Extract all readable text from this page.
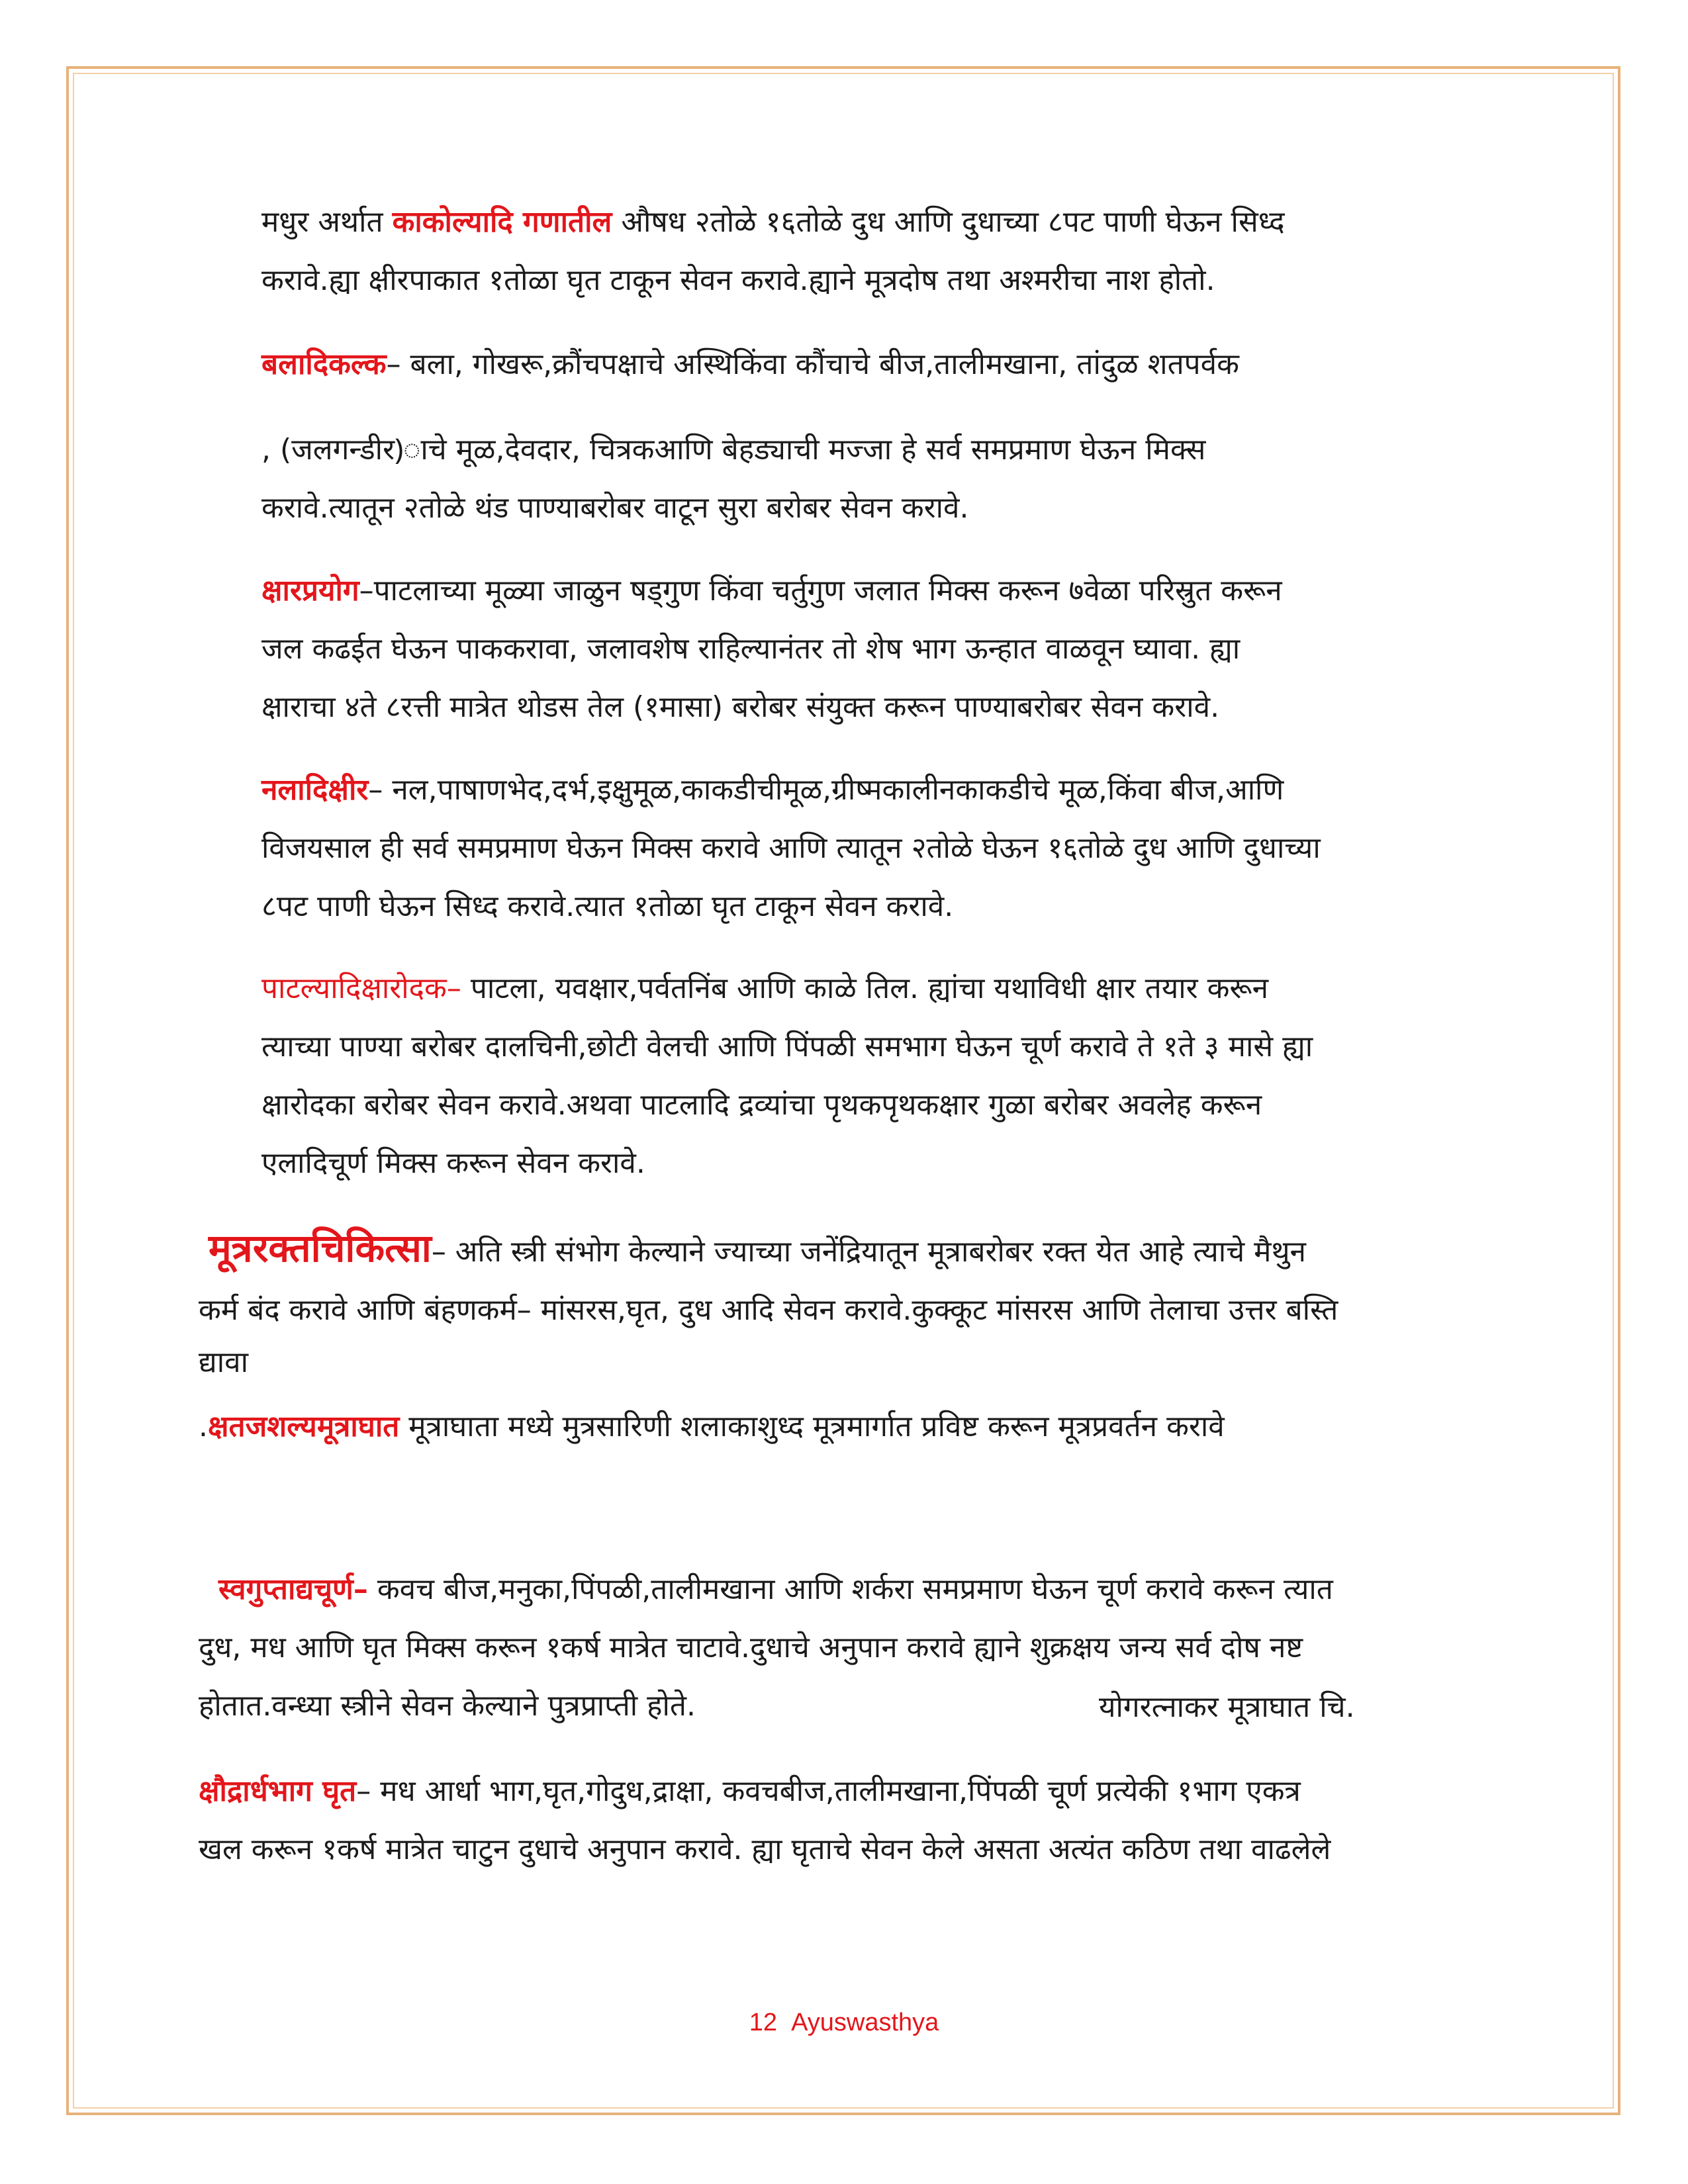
मधुर अर्थात काकोल्यादि गणातील औषध २तोळे १६तोळे दुध आणि दुधाच्या ८पट पाणी घेऊन सिध्द
करावे.ह्या क्षीरपाकात १तोळा घृत टाकून सेवन करावे.ह्याने मूत्रदोष तथा अश्मरीचा नाश होतो.
बलादिकल्क– बला, गोखरू,क्रौंचपक्षाचे अस्थिकिंवा कौंचाचे बीज,तालीमखाना, तांदुळ शतपर्वक
, (जलगन्डीर)ाचे मूळ,देवदार, चित्रकआणि बेहड्याची मज्जा हे सर्व समप्रमाण घेऊन मिक्स
करावे.त्यातून २तोळे थंड पाण्याबरोबर वाटून सुरा बरोबर सेवन करावे.
क्षारप्रयोग–पाटलाच्या मूळ्या जाळुन षड्गुण किंवा चर्तुगुण जलात मिक्स करून ७वेळा परिस्रुत करून
जल कढईत घेऊन पाककरावा, जलावशेष राहिल्यानंतर तो शेष भाग ऊन्हात वाळवून घ्यावा. ह्या
क्षाराचा ४ते ८रत्ती मात्रेत थोडस तेल (१मासा) बरोबर संयुक्त करून पाण्याबरोबर सेवन करावे.
नलादिक्षीर– नल,पाषाणभेद,दर्भ,इक्षुमूळ,काकडीचीमूळ,ग्रीष्मकालीनकाकडीचे मूळ,किंवा बीज,आणि
विजयसाल ही सर्व समप्रमाण घेऊन मिक्स करावे आणि त्यातून २तोळे घेऊन १६तोळे दुध आणि दुधाच्या
८पट पाणी घेऊन सिध्द करावे.त्यात १तोळा घृत टाकून सेवन करावे.
पाटल्यादिक्षारोदक– पाटला, यवक्षार,पर्वतनिंब आणि काळे तिल. ह्यांचा यथाविधी क्षार तयार करून
त्याच्या पाण्या बरोबर दालचिनी,छोटी वेलची आणि पिंपळी समभाग घेऊन चूर्ण करावे ते १ते ३ मासे ह्या
क्षारोदका बरोबर सेवन करावे.अथवा पाटलादि द्रव्यांचा पृथकपृथकक्षार गुळा बरोबर अवलेह करून
एलादिचूर्ण मिक्स करून सेवन करावे.
मूत्ररक्तचिकित्सा– अति स्त्री संभोग केल्याने ज्याच्या जनेंद्रियातून मूत्राबरोबर रक्त येत आहे त्याचे मैथुन
कर्म बंद करावे आणि बंहणकर्म– मांसरस,घृत, दुध आदि सेवन करावे.कुक्कूट मांसरस आणि तेलाचा उत्तर बस्ति
द्यावा
.क्षतजशल्यमूत्राघात मूत्राघाता मध्ये मुत्रसारिणी शलाकाशुध्द मूत्रमार्गात प्रविष्ट करून मूत्रप्रवर्तन करावे
स्वगुप्ताद्यचूर्ण– कवच बीज,मनुका,पिंपळी,तालीमखाना आणि शर्करा समप्रमाण घेऊन चूर्ण करावे करून त्यात
दुध, मध आणि घृत मिक्स करून १कर्ष मात्रेत चाटावे.दुधाचे अनुपान करावे ह्याने शुक्रक्षय जन्य सर्व दोष नष्ट
होतात.वन्ध्या स्त्रीने सेवन केल्याने पुत्रप्राप्ती होते.	योगरत्नाकर मूत्राघात चि.
क्षौद्रार्धभाग घृत– मध आर्धा भाग,घृत,गोदुध,द्राक्षा, कवचबीज,तालीमखाना,पिंपळी चूर्ण प्रत्येकी १भाग एकत्र
खल करून १कर्ष मात्रेत चाटुन दुधाचे अनुपान करावे. ह्या घृताचे सेवन केले असता अत्यंत कठिण तथा वाढलेले
12 Ayuswasthya
